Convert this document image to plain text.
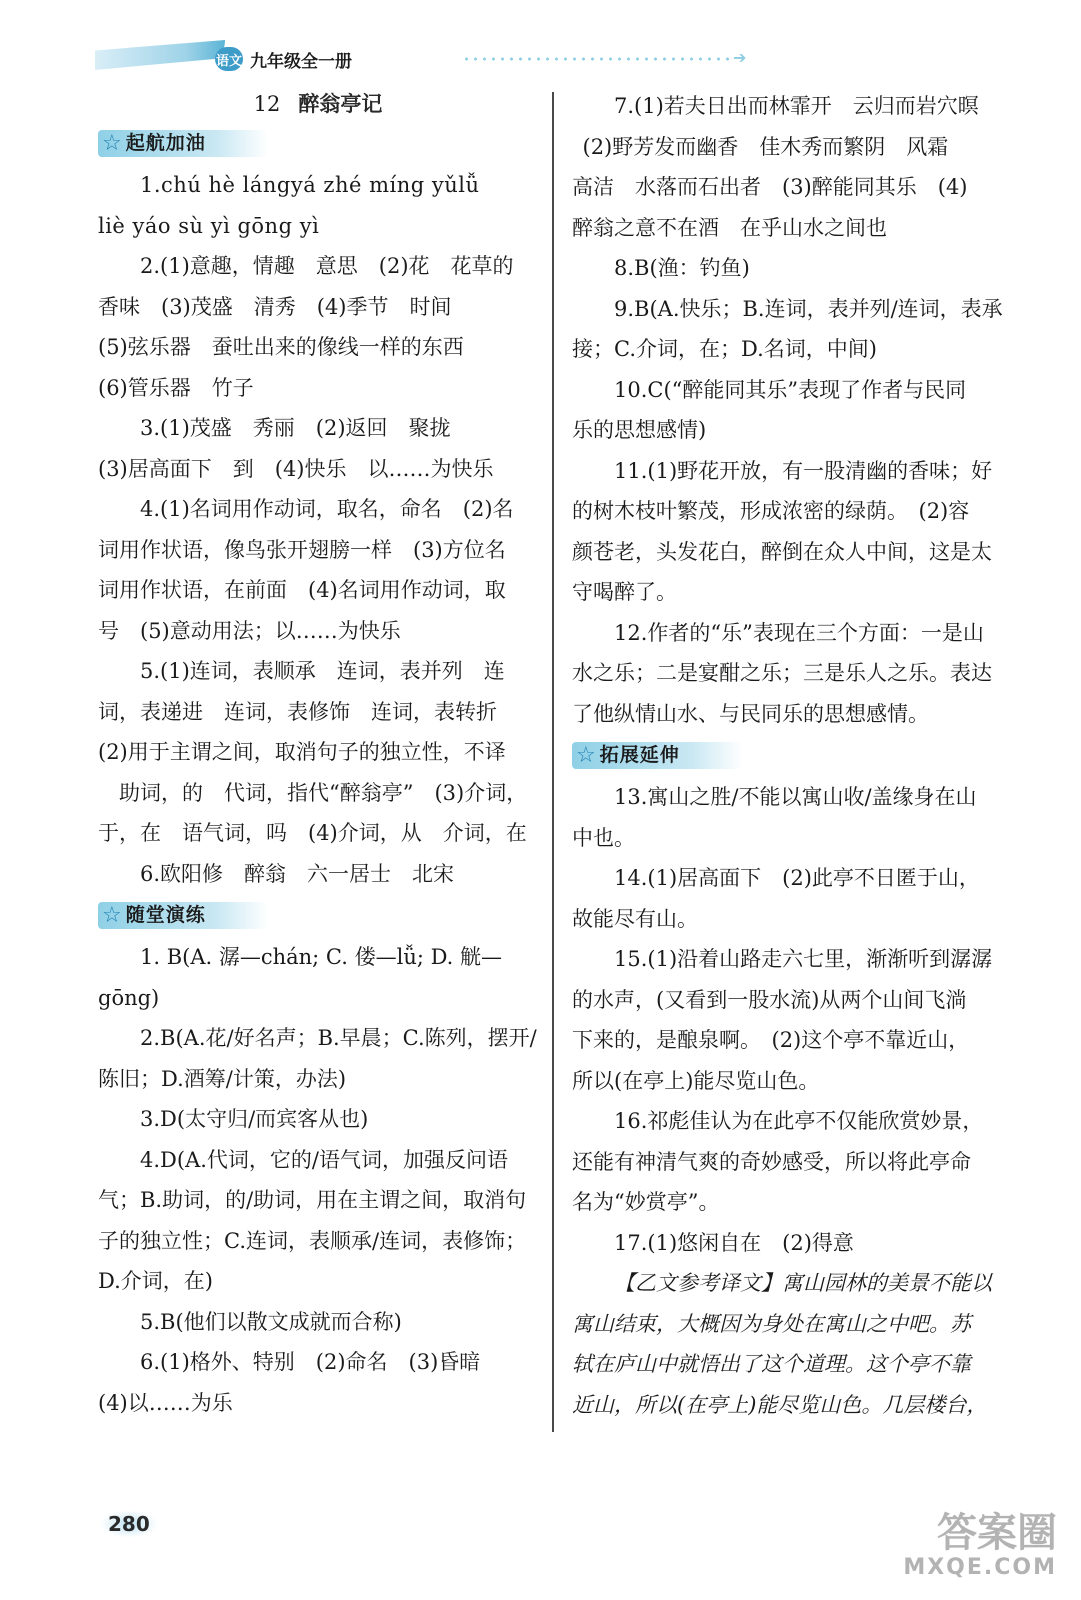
语文 九年级全一册	➔
12 醉翁亭记
☆ 起航加油

1.chú hè lángyá zhé míng yǔlǚ

liè yáo sù yì gōng yì

2.(1)意趣，情趣　意思　(2)花　花草的

香味　(3)茂盛　清秀　(4)季节　时间

(5)弦乐器　蚕吐出来的像线一样的东西

(6)管乐器　竹子

3.(1)茂盛　秀丽　(2)返回　聚拢

(3)居高面下　到　(4)快乐　以……为快乐

4.(1)名词用作动词，取名，命名　(2)名

词用作状语，像鸟张开翅膀一样　(3)方位名

词用作状语，在前面　(4)名词用作动词，取

号　(5)意动用法；以……为快乐

5.(1)连词，表顺承　连词，表并列　连

词，表递进　连词，表修饰　连词，表转折

(2)用于主谓之间，取消句子的独立性，不译

助词，的　代词，指代“醉翁亭”　(3)介词，

于，在　语气词，吗　(4)介词，从　介词，在

6.欧阳修　醉翁　六一居士　北宋

☆ 随堂演练

1. B(A. 潺—chán; C. 偻—lǚ; D. 觥—

gōng)

2.B(A.花/好名声；B.早晨；C.陈列，摆开/

陈旧；D.酒筹/计策，办法)

3.D(太守归/而宾客从也)

4.D(A.代词，它的/语气词，加强反问语

气；B.助词，的/助词，用在主谓之间，取消句

子的独立性；C.连词，表顺承/连词，表修饰；

D.介词，在)

5.B(他们以散文成就而合称)

6.(1)格外、特别　(2)命名　(3)昏暗

(4)以……为乐

7.(1)若夫日出而林霏开　云归而岩穴暝

(2)野芳发而幽香　佳木秀而繁阴　风霜

高洁　水落而石出者　(3)醉能同其乐　(4)

醉翁之意不在酒　在乎山水之间也

8.B(渔：钓鱼)

9.B(A.快乐；B.连词，表并列/连词，表承

接；C.介词，在；D.名词，中间)

10.C(“醉能同其乐”表现了作者与民同

乐的思想感情)

11.(1)野花开放，有一股清幽的香味；好

的树木枝叶繁茂，形成浓密的绿荫。　(2)容

颜苍老，头发花白，醉倒在众人中间，这是太

守喝醉了。

12.作者的“乐”表现在三个方面：一是山

水之乐；二是宴酣之乐；三是乐人之乐。表达

了他纵情山水、与民同乐的思想感情。

☆ 拓展延伸

13.寓山之胜/不能以寓山收/盖缘身在山

中也。

14.(1)居高面下　(2)此亭不日匿于山，

故能尽有山。

15.(1)沿着山路走六七里，渐渐听到潺潺

的水声，(又看到一股水流)从两个山间飞淌

下来的，是酿泉啊。　(2)这个亭不靠近山，

所以(在亭上)能尽览山色。

16.祁彪佳认为在此亭不仅能欣赏妙景，

还能有神清气爽的奇妙感受，所以将此亭命

名为“妙赏亭”。

17.(1)悠闲自在　(2)得意

【乙文参考译文】寓山园林的美景不能以

寓山结束，大概因为身处在寓山之中吧。苏

轼在庐山中就悟出了这个道理。这个亭不靠

近山，所以(在亭上)能尽览山色。几层楼台，

280	答案圈
MXQE.COM
